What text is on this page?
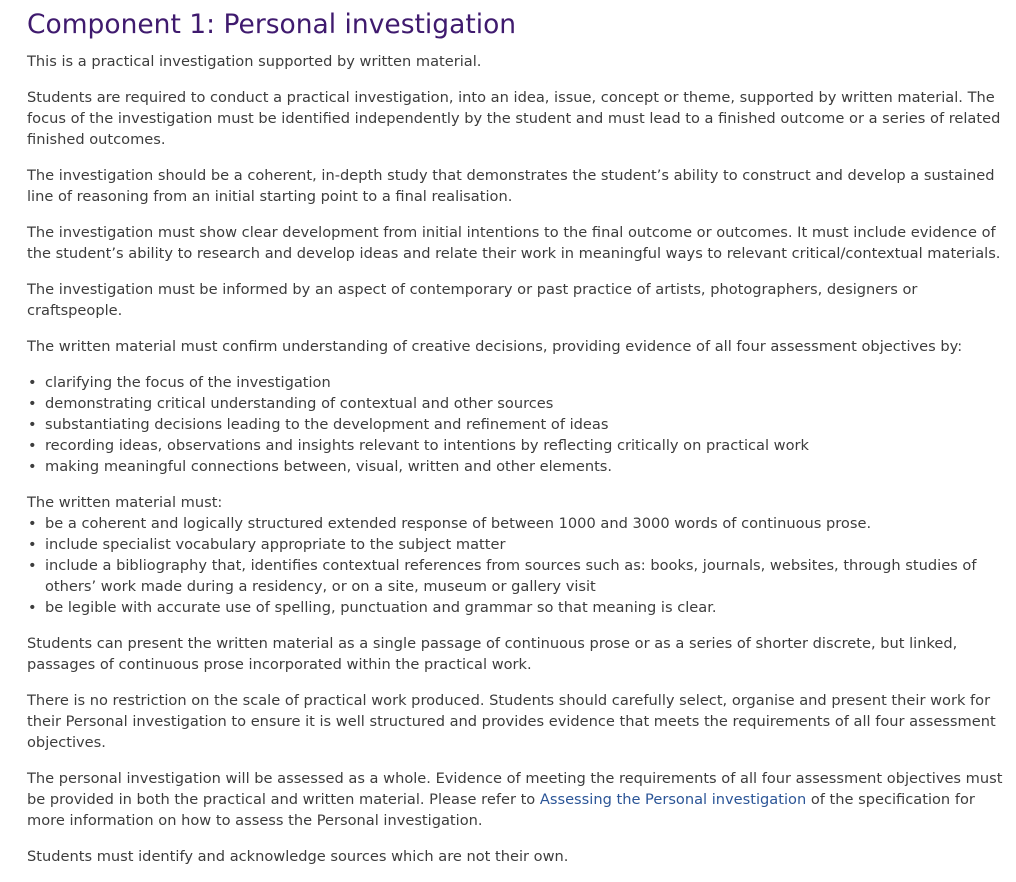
Component 1: Personal investigation

This is a practical investigation supported by written material.

Students are required to conduct a practical investigation, into an idea, issue, concept or theme, supported by written material. The focus of the investigation must be identified independently by the student and must lead to a finished outcome or a series of related finished outcomes.

The investigation should be a coherent, in-depth study that demonstrates the student’s ability to construct and develop a sustained line of reasoning from an initial starting point to a final realisation.

The investigation must show clear development from initial intentions to the final outcome or outcomes. It must include evidence of the student’s ability to research and develop ideas and relate their work in meaningful ways to relevant critical/contextual materials.

The investigation must be informed by an aspect of contemporary or past practice of artists, photographers, designers or craftspeople.

The written material must confirm understanding of creative decisions, providing evidence of all four assessment objectives by:

• clarifying the focus of the investigation
• demonstrating critical understanding of contextual and other sources
• substantiating decisions leading to the development and refinement of ideas
• recording ideas, observations and insights relevant to intentions by reflecting critically on practical work
• making meaningful connections between, visual, written and other elements.

The written material must:

• be a coherent and logically structured extended response of between 1000 and 3000 words of continuous prose.
• include specialist vocabulary appropriate to the subject matter
• include a bibliography that, identifies contextual references from sources such as: books, journals, websites, through studies of others’ work made during a residency, or on a site, museum or gallery visit
• be legible with accurate use of spelling, punctuation and grammar so that meaning is clear.

Students can present the written material as a single passage of continuous prose or as a series of shorter discrete, but linked, passages of continuous prose incorporated within the practical work.

There is no restriction on the scale of practical work produced. Students should carefully select, organise and present their work for their Personal investigation to ensure it is well structured and provides evidence that meets the requirements of all four assessment objectives.

The personal investigation will be assessed as a whole. Evidence of meeting the requirements of all four assessment objectives must be provided in both the practical and written material. Please refer to Assessing the Personal investigation of the specification for more information on how to assess the Personal investigation.

Students must identify and acknowledge sources which are not their own.
